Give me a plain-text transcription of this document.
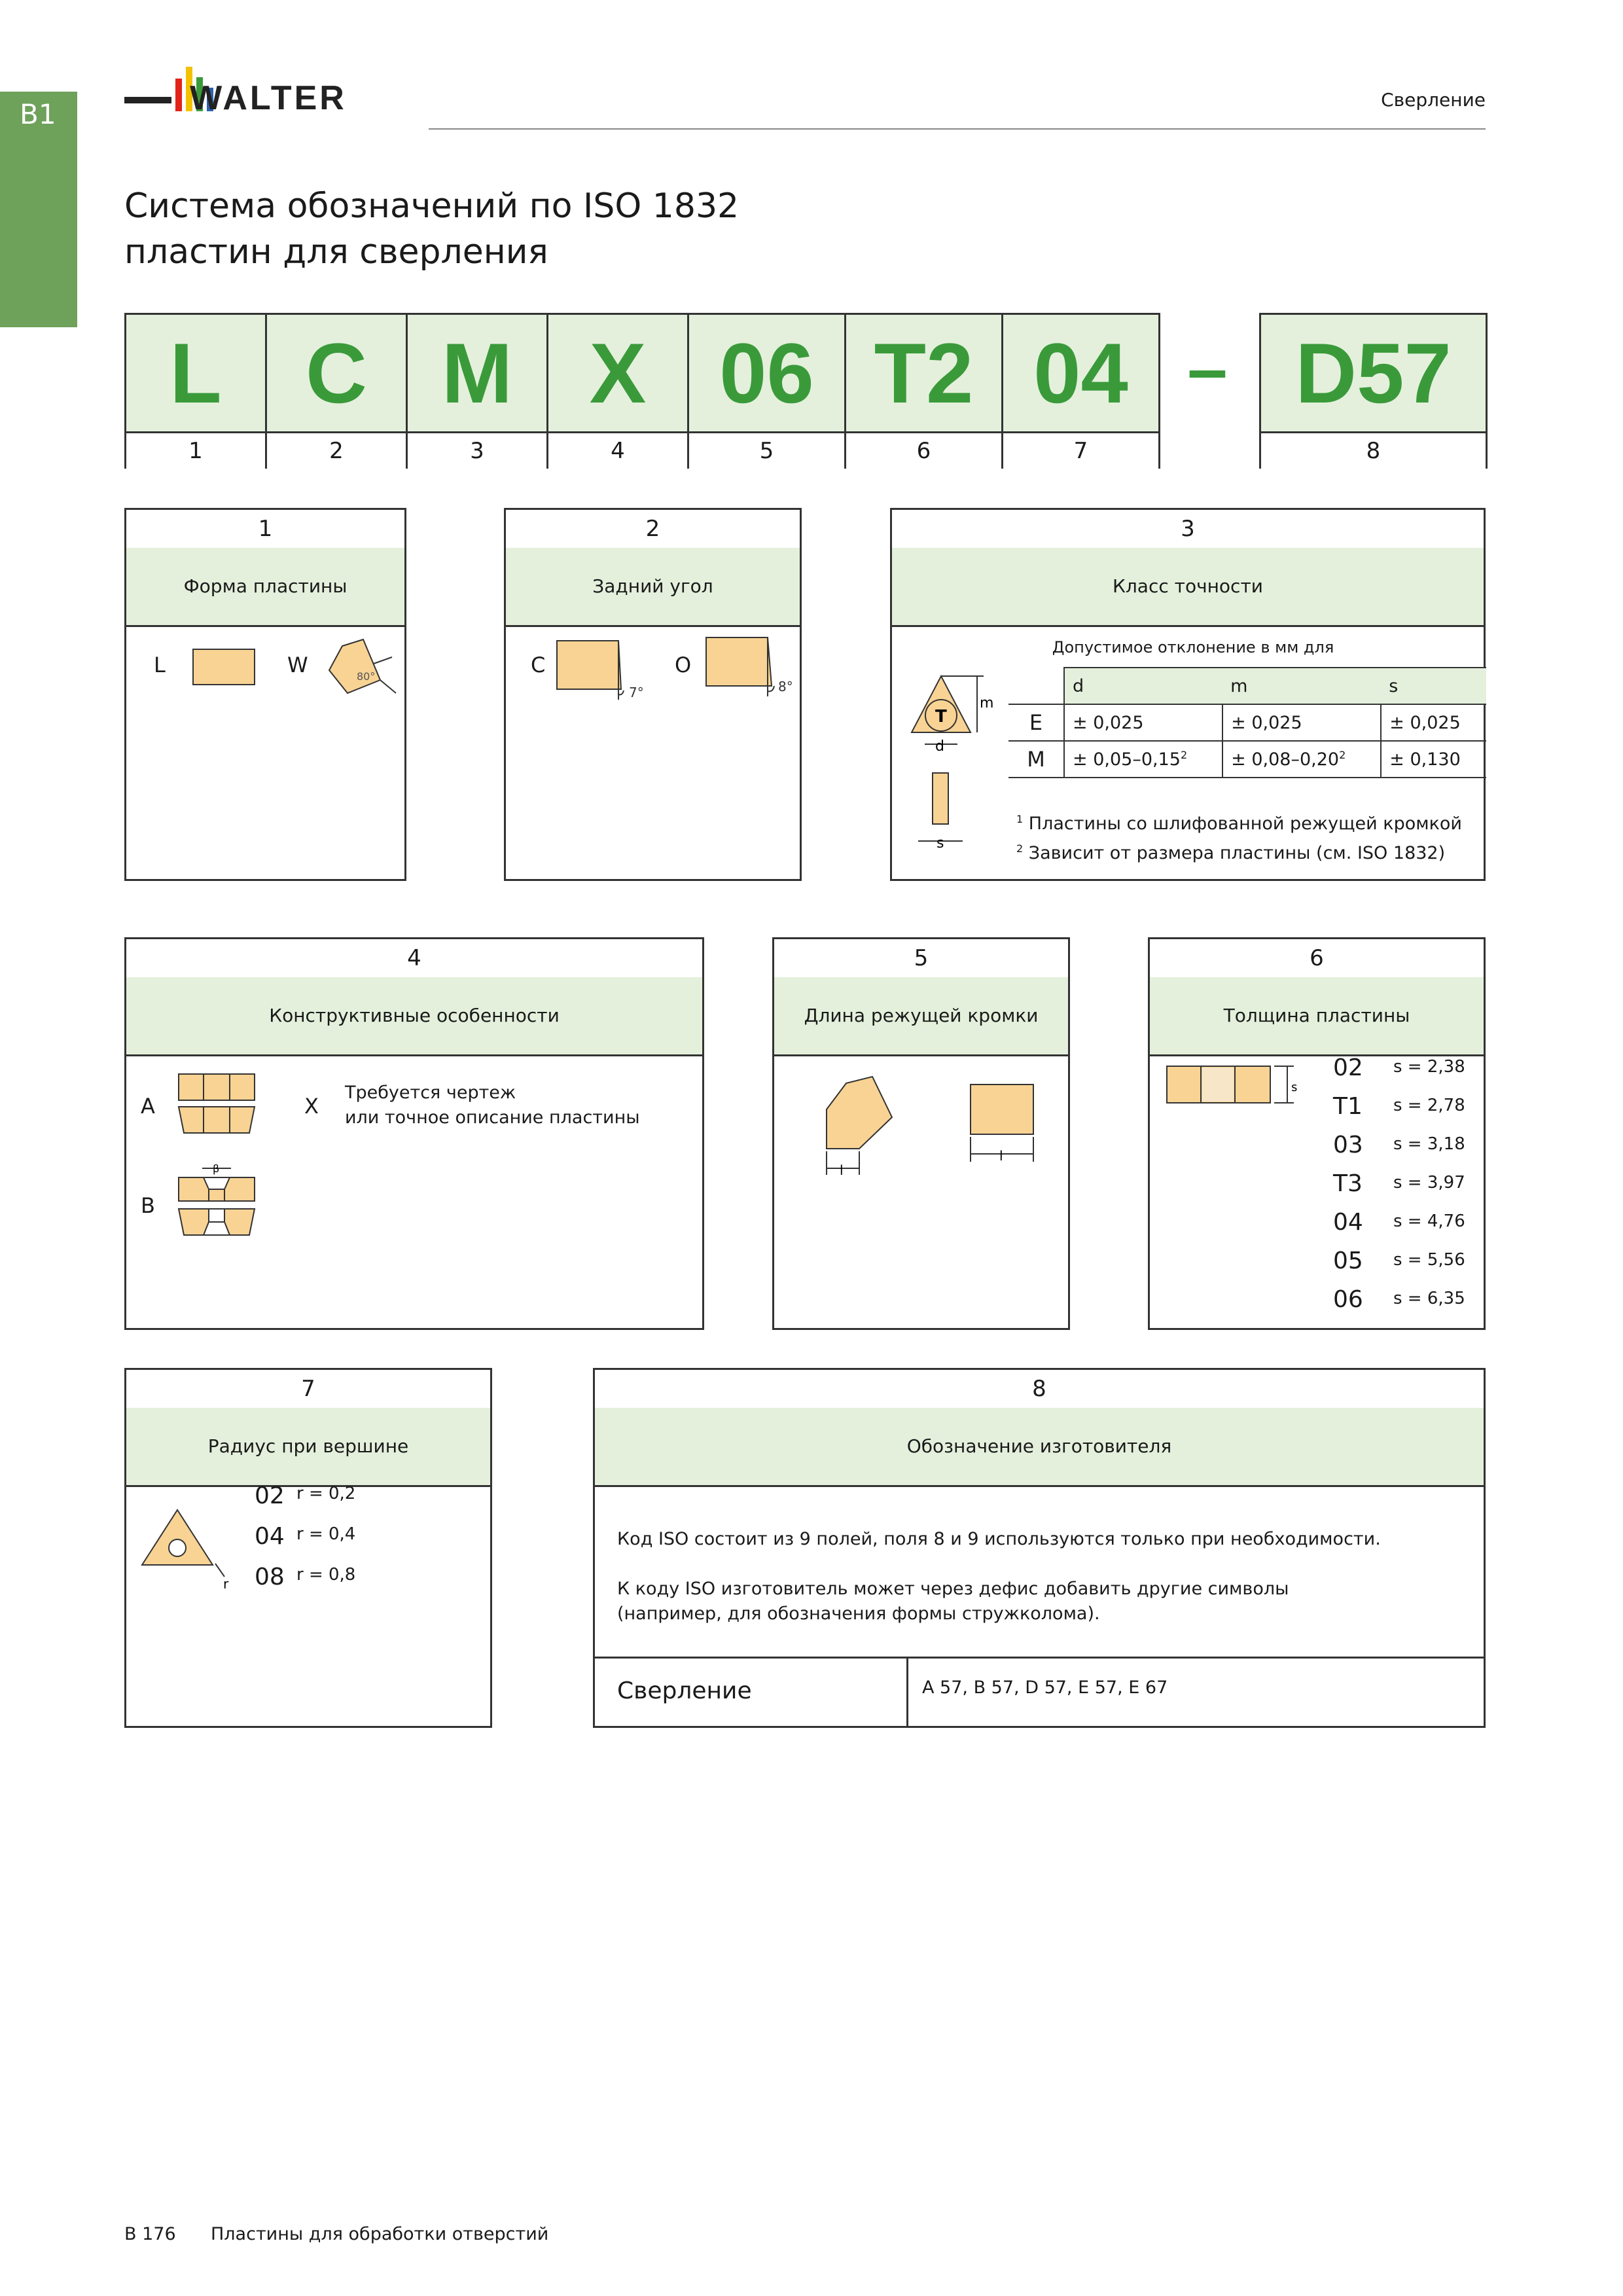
B1	WALTER	Сверление
Система обозначений по ISO 1832
пластин для сверления
L
1
C
2
M
3
X
4
06
5
T2
6
04
7
D57
8
–
1
Форма пластины
L	W	80°
2
Задний угол
C
7°
O
8°
3
Класс точности
Допустимое отклонение в мм для
T
m
d
s
	d	m	s
E	± 0,025	± 0,025	± 0,025
M	± $0,05-0,15^2$	± $0,08-0,20^2$	± 0,130
$^1$ Пластины со шлифованной режущей кромкой
$^2$ Зависит от размера пластины (см. ISO 1832)
4
Конструктивные особенности
A	X
Требуется чертеж
или точное описание пластины
B
β
5
Длина режущей кромки
l
l
6
Толщина пластины
s
02 s = 2,38
T1 s = 2,78
03 s = 3,18
T3 s = 3,97
04 s = 4,76
05 s = 5,56
06 s = 6,35
7
Радиус при вершине
r
02 r = 0,2
04 r = 0,4
08 r = 0,8
8
Обозначение изготовителя
Код ISO состоит из 9 полей, поля 8 и 9 используются только при необходимости.
К коду ISO изготовитель может через дефис добавить другие символы
(например, для обозначения формы стружколома).
Сверление	A 57, B 57, D 57, E 57, E 67
B 176 Пластины для обработки отверстий
